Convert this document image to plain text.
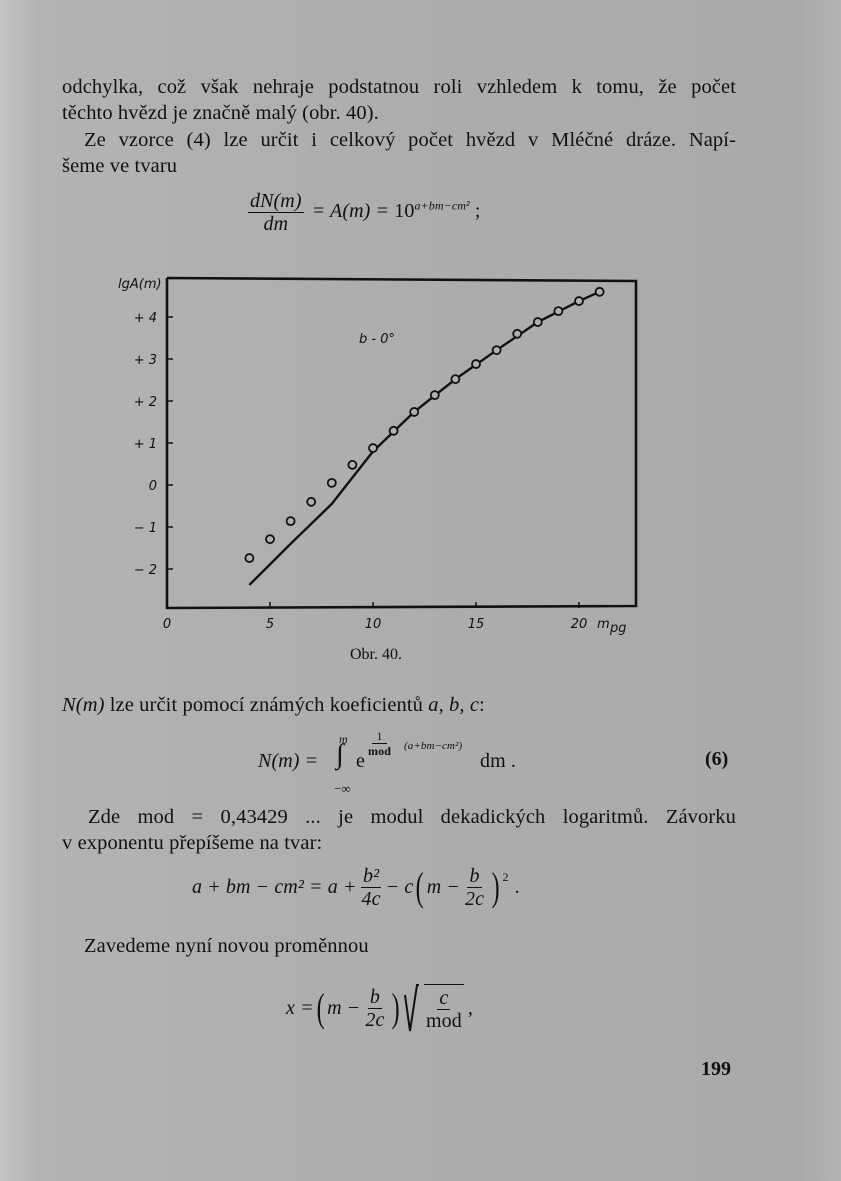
odchylka, což však nehraje podstatnou roli vzhledem k tomu, že počet
těchto hvězd je značně malý (obr. 40).
Ze vzorce (4) lze určit i celkový počet hvězd v Mléčné dráze. Napí-
šeme ve tvaru
$\frac{dN(m)}{dm} = A(m) = 10^{a+bm-cm^2}$ ;
− 2
− 1
0
+ 1
+ 2
+ 3
+ 4
0	5	10	15	20
lgA(m)
m pg
b - 0°
Obr. 40.
N(m) lze určit pomocí známých koeficientů a, b, c:
N(m) = ∫
m
−∞
e
1
mod (a+bm−cm²)
dm .	(6)
Zde mod = 0,43429 ... je modul dekadických logaritmů. Závorku
v exponentu přepíšeme na tvar:
a + bm − $cm^2 = a + \frac{\text{b²}}{4c} - c$ ( $m - \frac{b}{2c}$ ) 2 .
Zavedeme nyní novou proměnnou
x = ( $m - \frac{b}{2c}$ )
$\frac{c}{\text{mod}}$ ,
199
